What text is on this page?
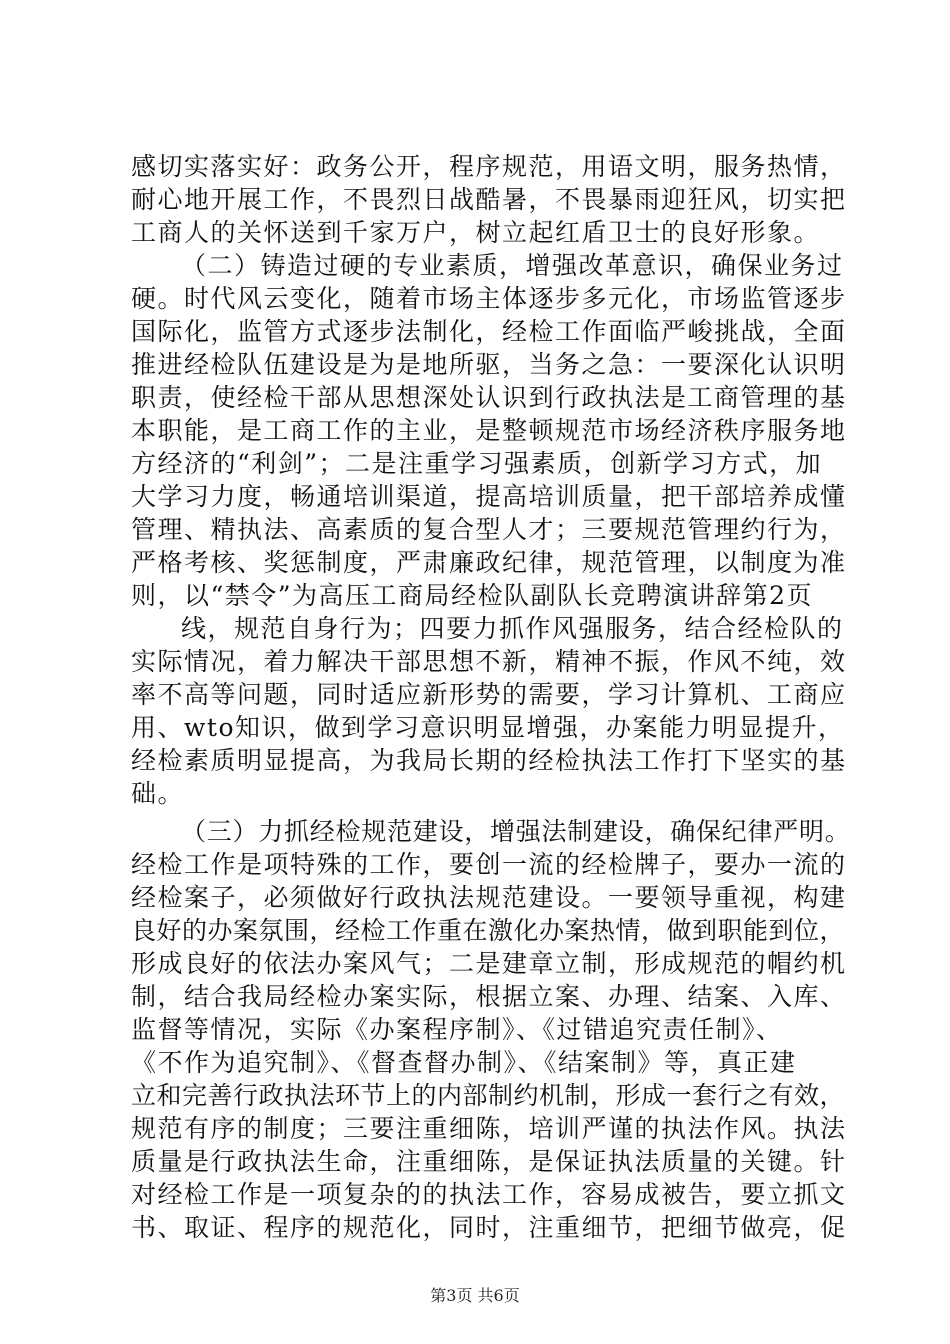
感切实落实好：政务公开，程序规范，用语文明，服务热情，
耐心地开展工作，不畏烈日战酷暑，不畏暴雨迎狂风，切实把
工商人的关怀送到千家万户，树立起红盾卫士的良好形象。
（二）铸造过硬的专业素质，增强改革意识，确保业务过
硬。时代风云变化，随着市场主体逐步多元化，市场监管逐步
国际化，监管方式逐步法制化，经检工作面临严峻挑战，全面
推进经检队伍建设是为是地所驱，当务之急：一要深化认识明
职责，使经检干部从思想深处认识到行政执法是工商管理的基
本职能，是工商工作的主业，是整顿规范市场经济秩序服务地
方经济的“利剑”；二是注重学习强素质，创新学习方式，加
大学习力度，畅通培训渠道，提高培训质量，把干部培养成懂
管理、精执法、高素质的复合型人才；三要规范管理约行为，
严格考核、奖惩制度，严肃廉政纪律，规范管理，以制度为准
则，以“禁令”为高压工商局经检队副队长竞聘演讲辞第2页
线，规范自身行为；四要力抓作风强服务，结合经检队的
实际情况，着力解决干部思想不新，精神不振，作风不纯，效
率不高等问题，同时适应新形势的需要，学习计算机、工商应
用、wto知识，做到学习意识明显增强，办案能力明显提升，
经检素质明显提高，为我局长期的经检执法工作打下坚实的基
础。
（三）力抓经检规范建设，增强法制建设，确保纪律严明。
经检工作是项特殊的工作，要创一流的经检牌子，要办一流的
经检案子，必须做好行政执法规范建设。一要领导重视，构建
良好的办案氛围，经检工作重在激化办案热情，做到职能到位，
形成良好的依法办案风气；二是建章立制，形成规范的帽约机
制，结合我局经检办案实际，根据立案、办理、结案、入库、
监督等情况，实际《办案程序制》、《过错追究责任制》、
《不作为追究制》、《督查督办制》、《结案制》等，真正建
立和完善行政执法环节上的内部制约机制，形成一套行之有效，
规范有序的制度；三要注重细陈，培训严谨的执法作风。执法
质量是行政执法生命，注重细陈，是保证执法质量的关键。针
对经检工作是一项复杂的的执法工作，容易成被告，要立抓文
书、取证、程序的规范化，同时，注重细节，把细节做亮，促
第3页 共6页
